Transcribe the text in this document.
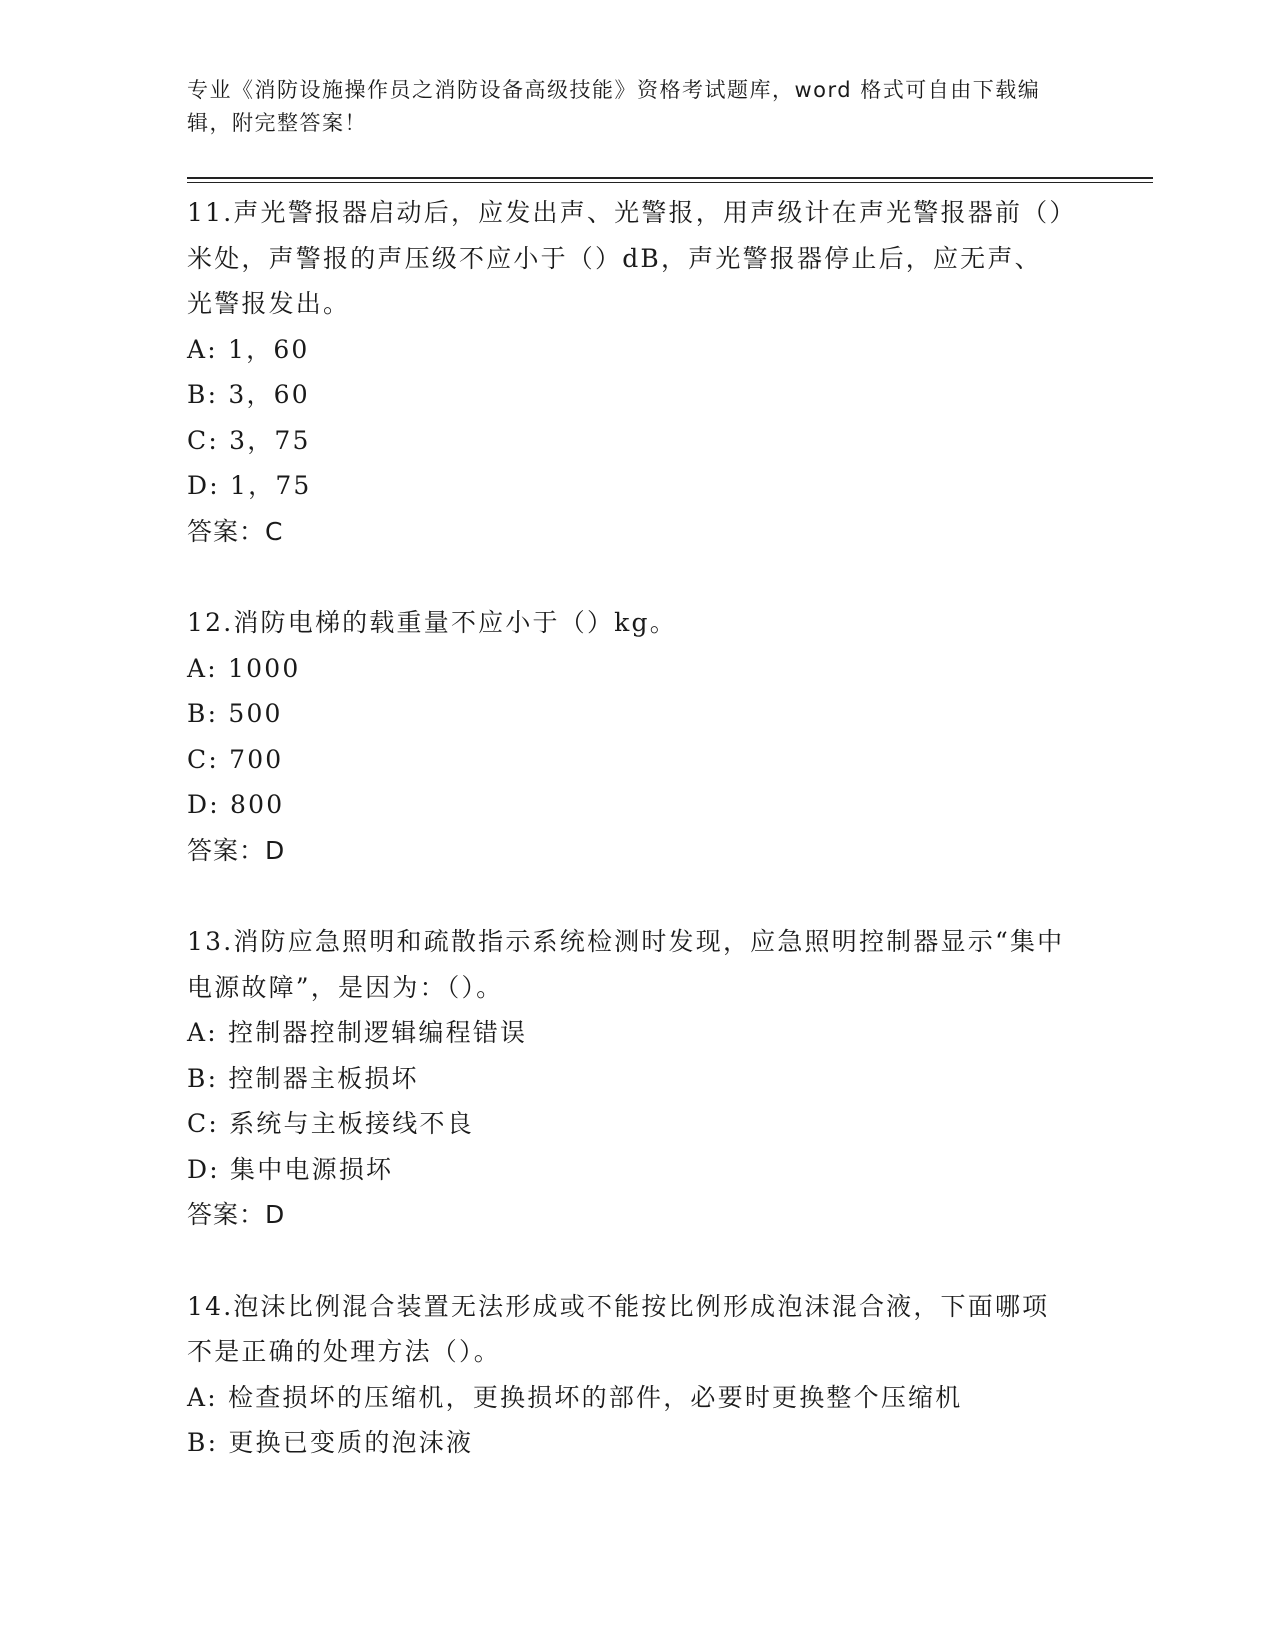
专业《消防设施操作员之消防设备高级技能》资格考试题库，word 格式可自由下载编辑，附完整答案！

11.声光警报器启动后，应发出声、光警报，用声级计在声光警报器前（）米处，声警报的声压级不应小于（）dB，声光警报器停止后，应无声、光警报发出。

A: 1，60

B: 3，60

C: 3，75

D: 1，75

答案：C

12.消防电梯的载重量不应小于（）kg。

A: 1000

B: 500

C: 700

D: 800

答案：D

13.消防应急照明和疏散指示系统检测时发现，应急照明控制器显示“集中电源故障”，是因为：（）。

A: 控制器控制逻辑编程错误

B: 控制器主板损坏

C: 系统与主板接线不良

D: 集中电源损坏

答案：D

14.泡沫比例混合装置无法形成或不能按比例形成泡沫混合液，下面哪项不是正确的处理方法（）。

A: 检查损坏的压缩机，更换损坏的部件，必要时更换整个压缩机

B: 更换已变质的泡沫液
